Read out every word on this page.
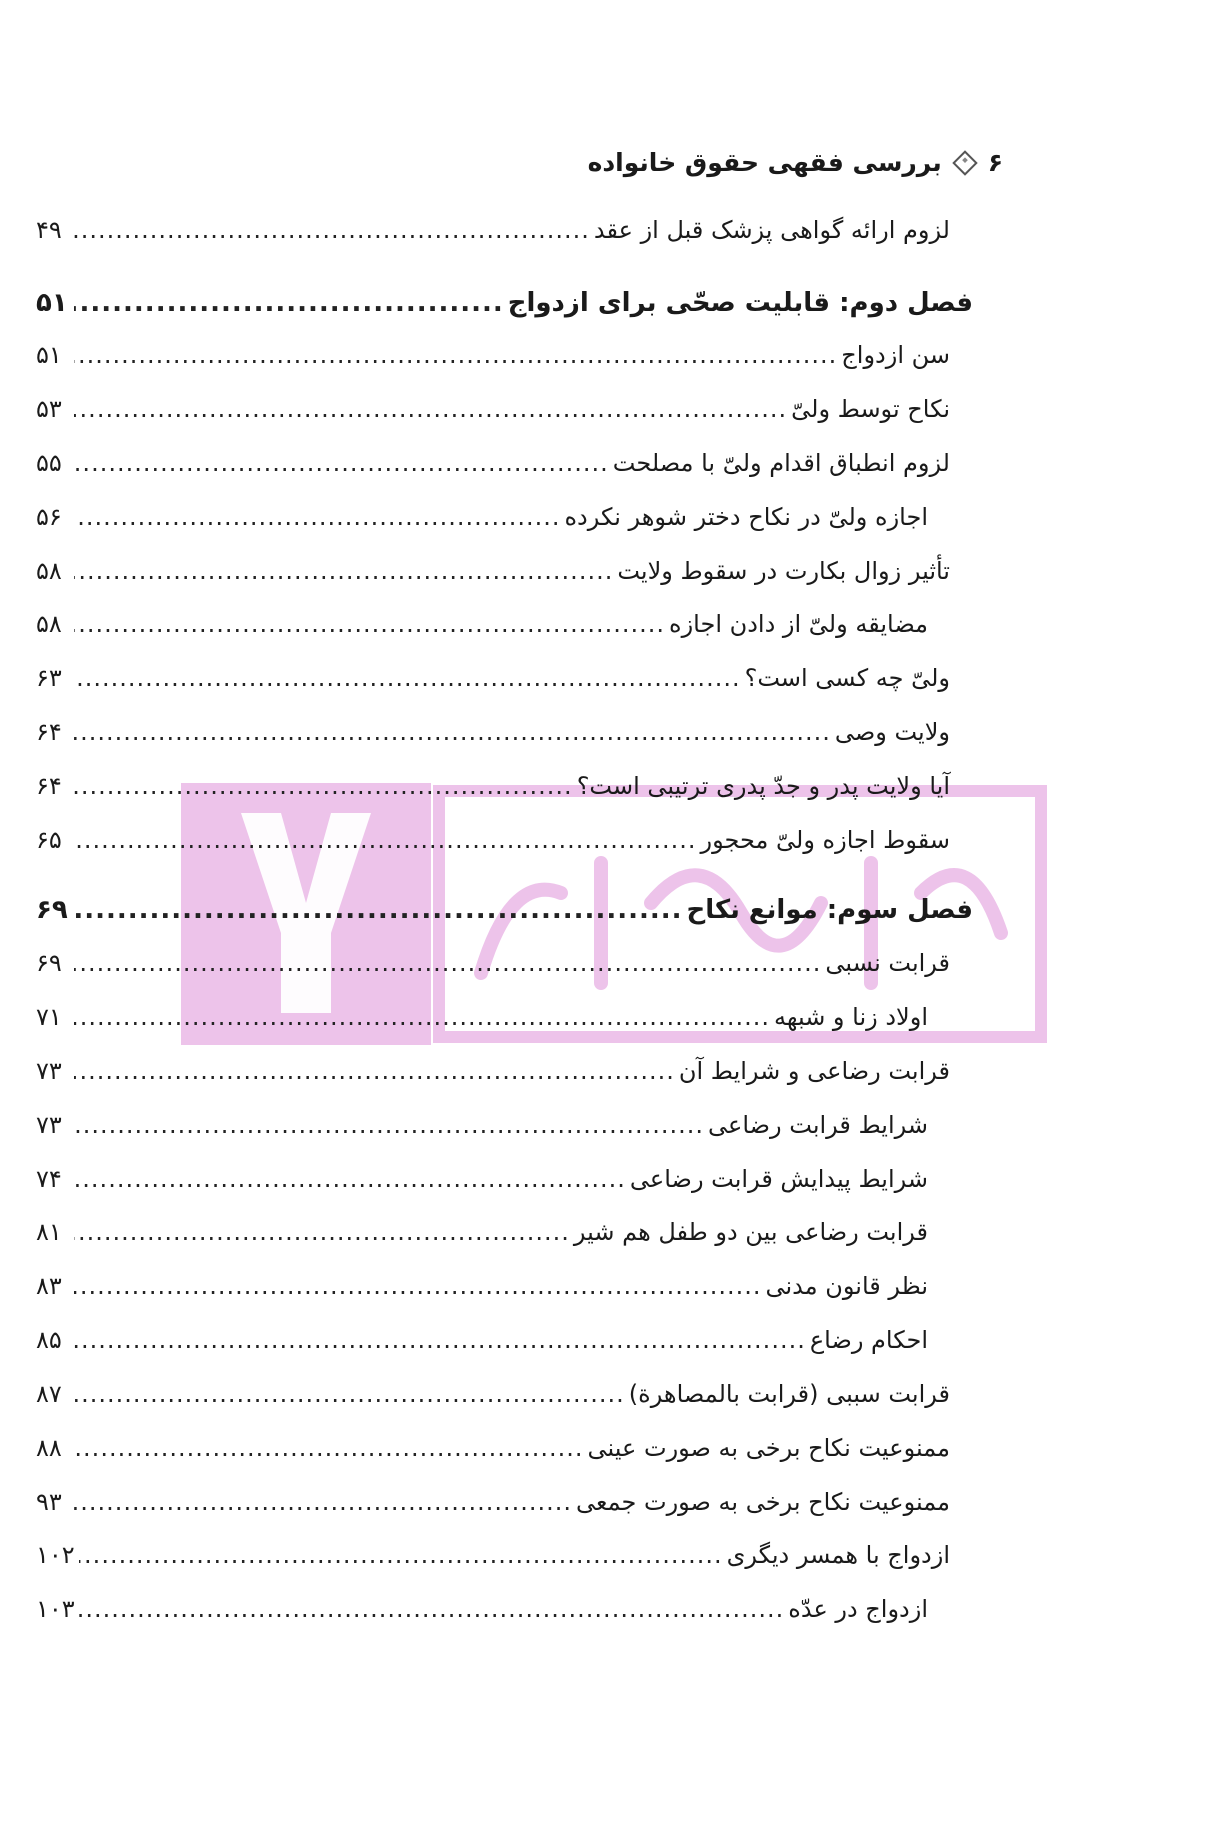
۶
بررسی فقهی حقوق خانواده
لزوم ارائه گواهی پزشک قبل از عقد
.....
۴۹
فصل دوم: قابلیت صحّی برای ازدواج
.....
۵۱
سن ازدواج
.....
۵۱
نکاح توسط ولیّ
.....
۵۳
لزوم انطباق اقدام ولیّ با مصلحت
.....
۵۵
اجازه ولیّ در نکاح دختر شوهر نکرده
.....
۵۶
تأثیر زوال بکارت در سقوط ولایت
.....
۵۸
مضایقه ولیّ از دادن اجازه
.....
۵۸
ولیّ چه کسی است؟
.....
۶۳
ولایت وصی
.....
۶۴
آیا ولایت پدر و جدّ پدری ترتیبی است؟
.....
۶۴
سقوط اجازه ولیّ محجور
.....
۶۵
فصل سوم: موانع نکاح
.....
۶۹
قرابت نسبی
.....
۶۹
اولاد زنا و شبهه
.....
۷۱
قرابت رضاعی و شرایط آن
.....
۷۳
شرایط قرابت رضاعی
.....
۷۳
شرایط پیدایش قرابت رضاعی
.....
۷۴
قرابت رضاعی بین دو طفل هم شیر
.....
۸۱
نظر قانون مدنی
.....
۸۳
احکام رضاع
.....
۸۵
قرابت سببی (قرابت بالمصاهرة)
.....
۸۷
ممنوعیت نکاح برخی به صورت عینی
.....
۸۸
ممنوعیت نکاح برخی به صورت جمعی
.....
۹۳
ازدواج با همسر دیگری
.....
۱۰۲
ازدواج در عدّه
.....
۱۰۳
